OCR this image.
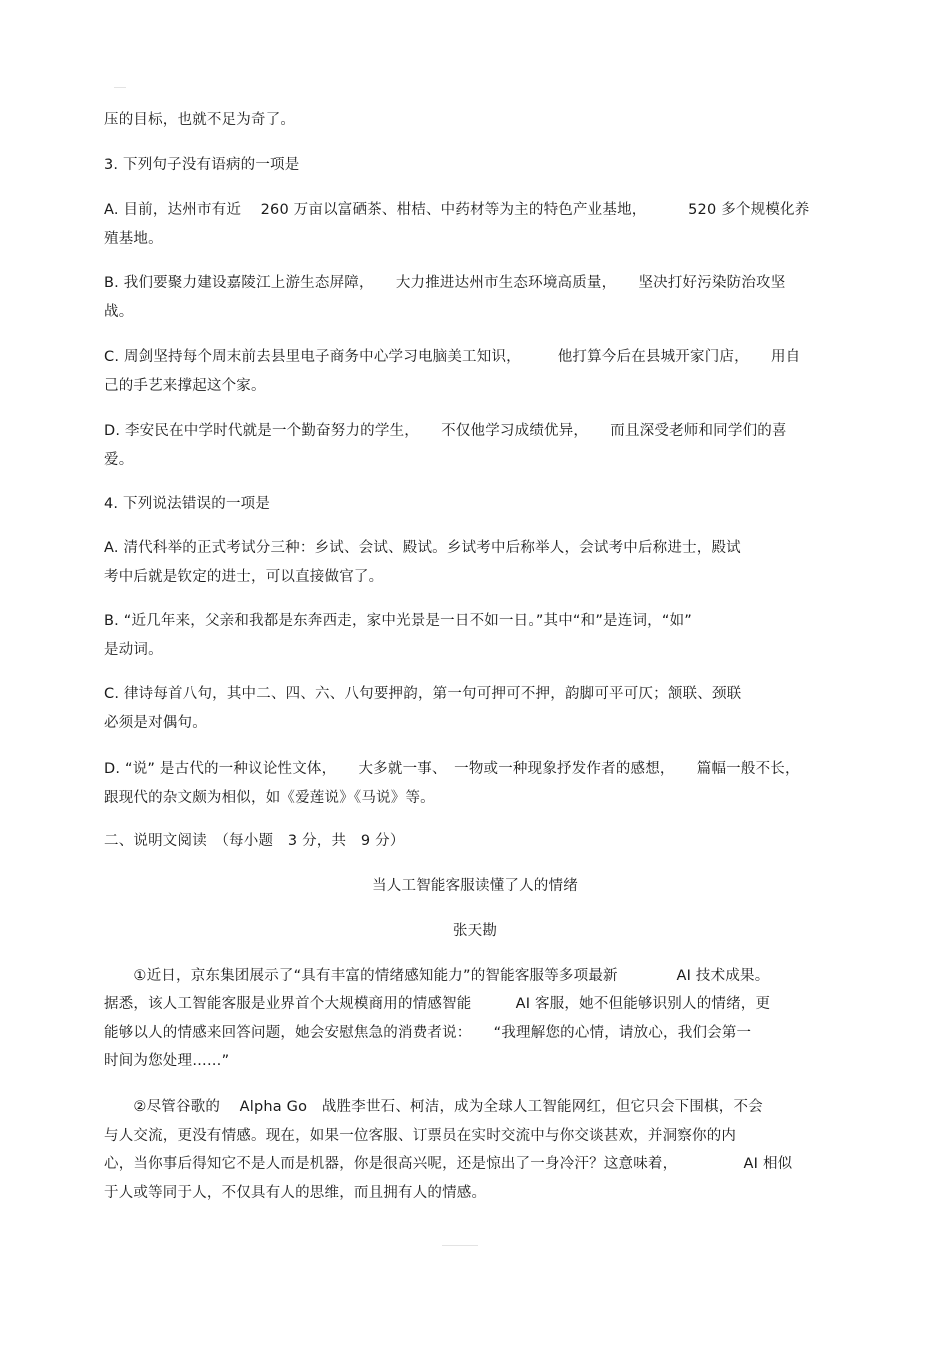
压的目标，也就不足为奇了。
3. 下列句子没有语病的一项是
A. 目前，达州市有近　 260 万亩以富硒茶、柑桔、中药材等为主的特色产业基地，　　　 520 多个规模化养
殖基地。
B. 我们要聚力建设嘉陵江上游生态屏障，　　大力推进达州市生态环境高质量，　　坚决打好污染防治攻坚
战。
C. 周剑坚持每个周末前去县里电子商务中心学习电脑美工知识，　　　他打算今后在县城开家门店，　　用自
己的手艺来撑起这个家。
D. 李安民在中学时代就是一个勤奋努力的学生，　　不仅他学习成绩优异，　　而且深受老师和同学们的喜
爱。
4. 下列说法错误的一项是
A. 清代科举的正式考试分三种：乡试、会试、殿试。乡试考中后称举人，会试考中后称进士，殿试
考中后就是钦定的进士，可以直接做官了。
B. “近几年来，父亲和我都是东奔西走，家中光景是一日不如一日。”其中“和”是连词，“如”
是动词。
C. 律诗每首八句，其中二、四、六、八句要押韵，第一句可押可不押，韵脚可平可仄；颔联、颈联
必须是对偶句。
D. “说” 是古代的一种议论性文体，　　大多就一事、　一物或一种现象抒发作者的感想，　　篇幅一般不长，
跟现代的杂文颇为相似，如《爱莲说》《马说》等。
二、说明文阅读　（每小题　3 分，共　9 分）
当人工智能客服读懂了人的情绪
张天勘
　　①近日，京东集团展示了“具有丰富的情绪感知能力”的智能客服等多项最新　　　　AI 技术成果。
据悉，该人工智能客服是业界首个大规模商用的情感智能　　　AI 客服，她不但能够识别人的情绪，更
能够以人的情感来回答问题，她会安慰焦急的消费者说：　　“我理解您的心情，请放心，我们会第一
时间为您处理……”
　　②尽管谷歌的　 Alpha Go　战胜李世石、柯洁，成为全球人工智能网红，但它只会下围棋，不会
与人交流，更没有情感。现在，如果一位客服、订票员在实时交流中与你交谈甚欢，并洞察你的内
心，当你事后得知它不是人而是机器，你是很高兴呢，还是惊出了一身冷汗？这意味着，　　　　　AI 相似
于人或等同于人，不仅具有人的思维，而且拥有人的情感。
